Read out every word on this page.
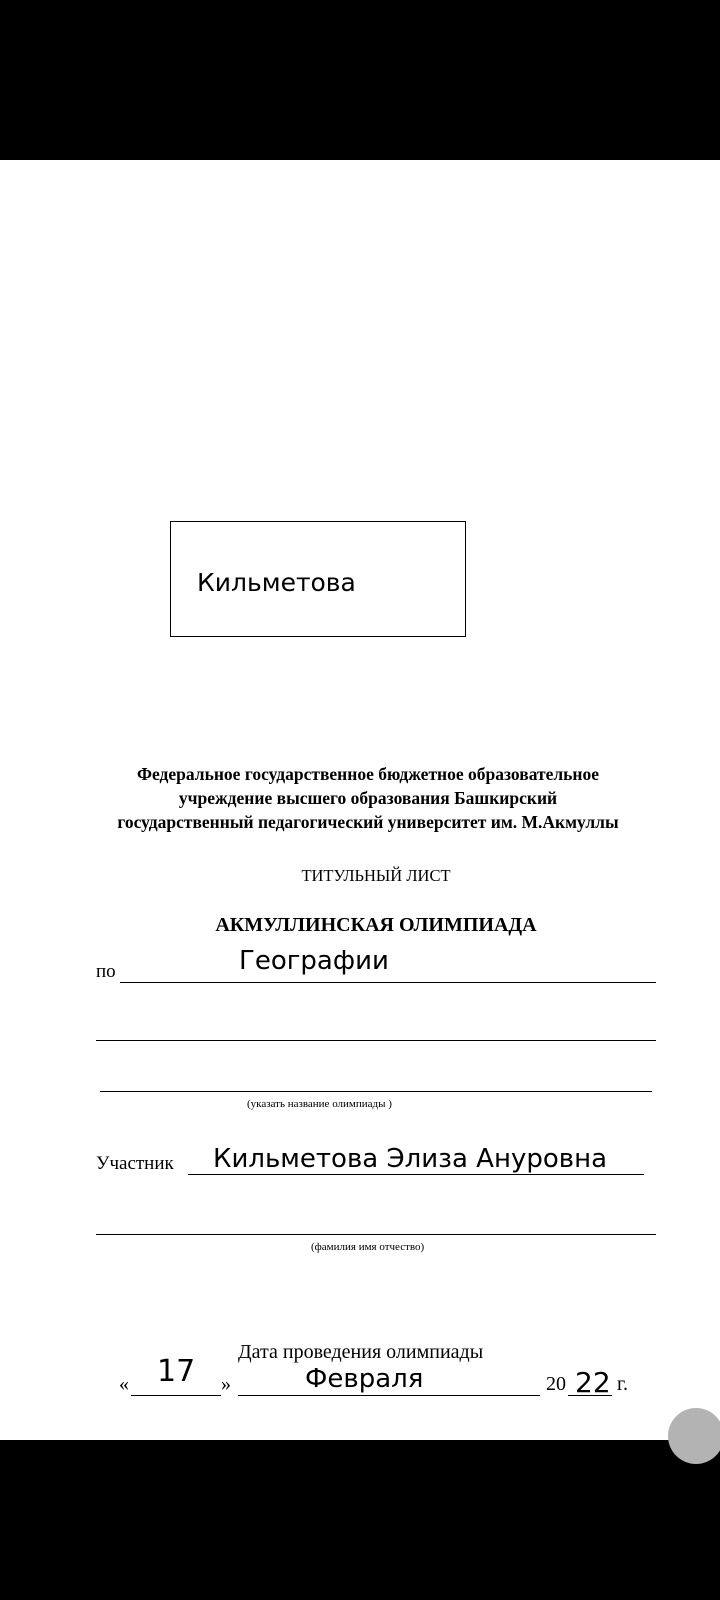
Кильметова
Федеральное государственное бюджетное образовательное
учреждение высшего образования Башкирский
государственный педагогический университет им. М.Акмуллы
ТИТУЛЬНЫЙ ЛИСТ
АКМУЛЛИНСКАЯ ОЛИМПИАДА
по	Географии
(указать название олимпиады )
Участник Кильметова Элиза Ануровна
(фамилия имя отчество)
Дата проведения олимпиады
« 17 »	Февраля	20 22 г.
